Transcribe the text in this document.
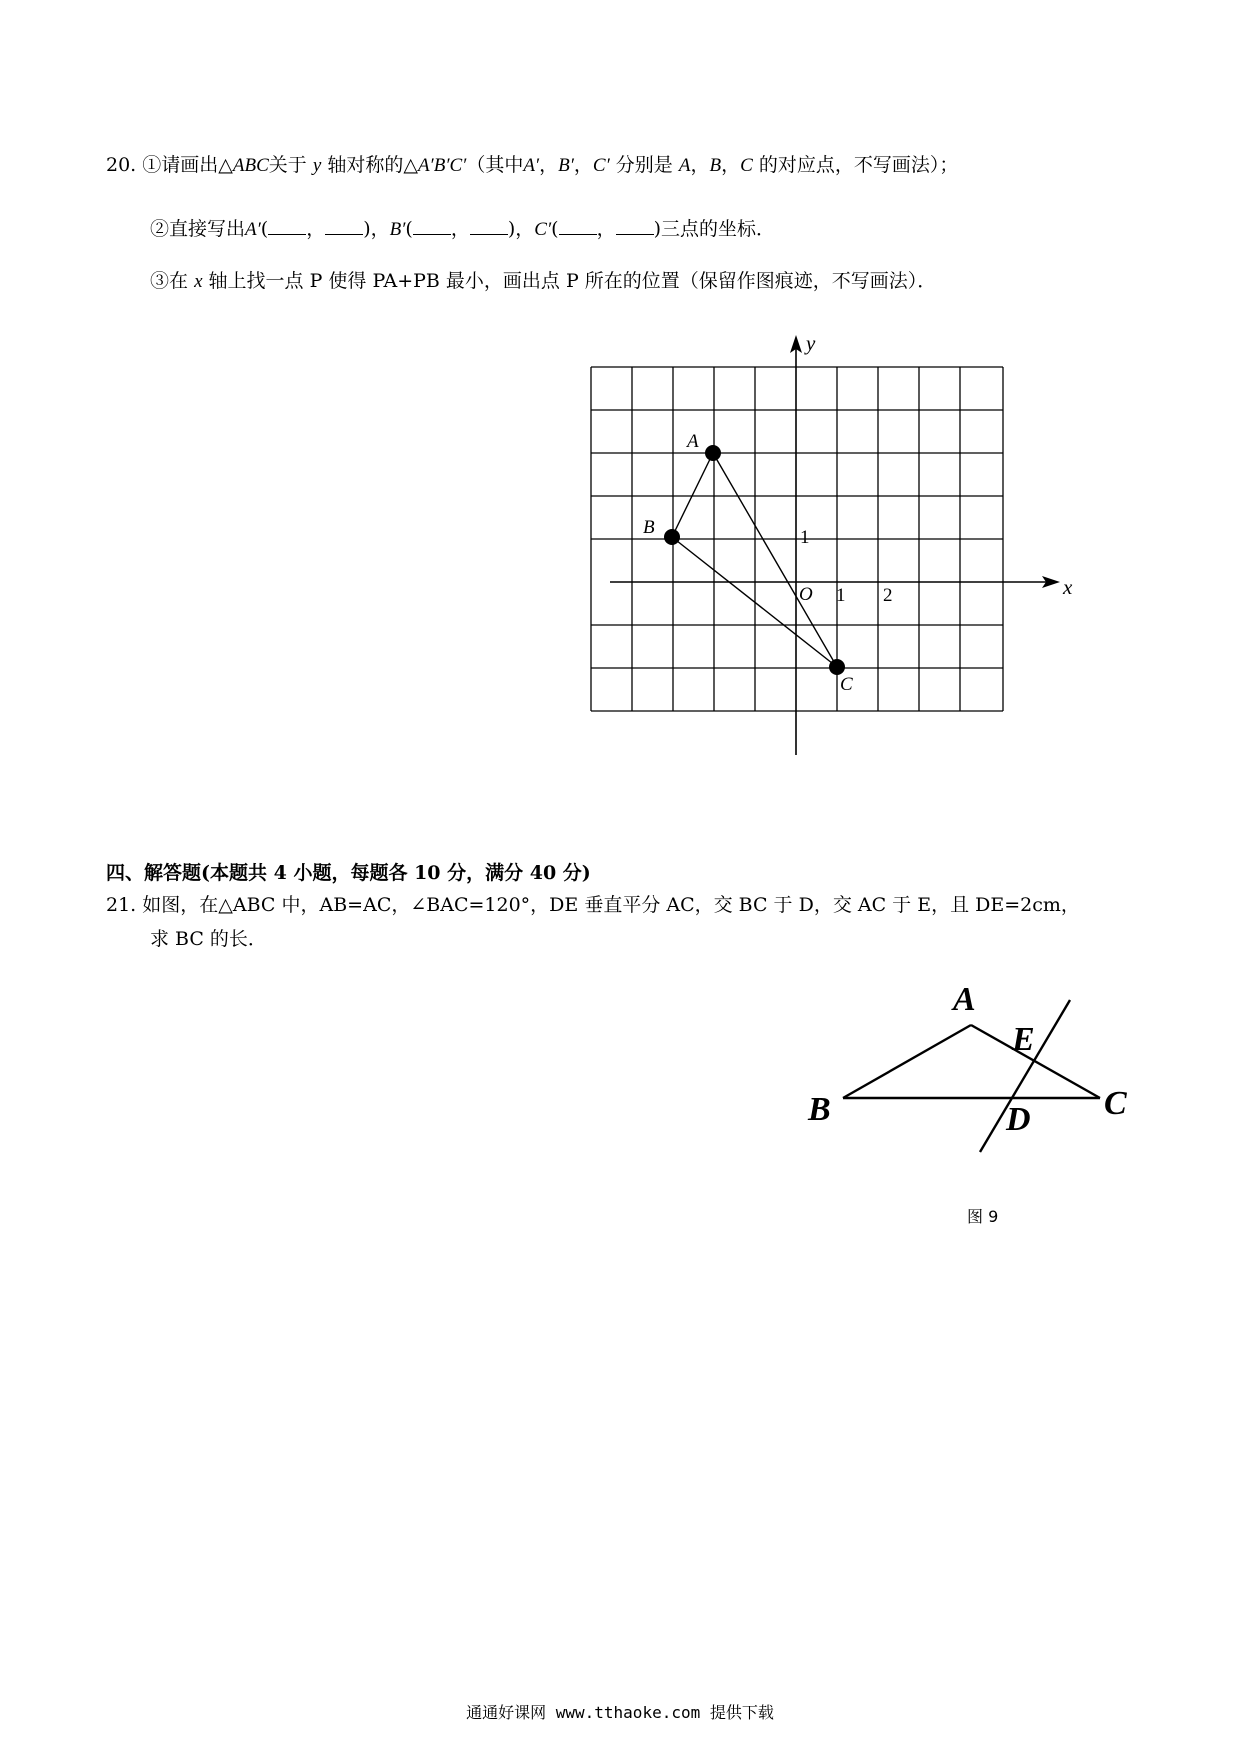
20. ①请画出△ABC关于 y 轴对称的△A′B′C′（其中A′，B′，C′ 分别是 A，B，C 的对应点，不写画法）；
②直接写出A′( ， )，B′( ， )，C′( ， )三点的坐标．
③在 x 轴上找一点 P 使得 PA+PB 最小，画出点 P 所在的位置（保留作图痕迹，不写画法）．
A
B
C
O 1 2
1
x
y
四、解答题(本题共 4 小题，每题各 10 分，满分 40 分)
21. 如图，在△ABC 中，AB=AC，∠BAC=120°，DE 垂直平分 AC，交 BC 于 D，交 AC 于 E，且 DE=2cm，
求 BC 的长．
A
B	C
D
E
图 9
通通好课网 www.tthaoke.com 提供下载
